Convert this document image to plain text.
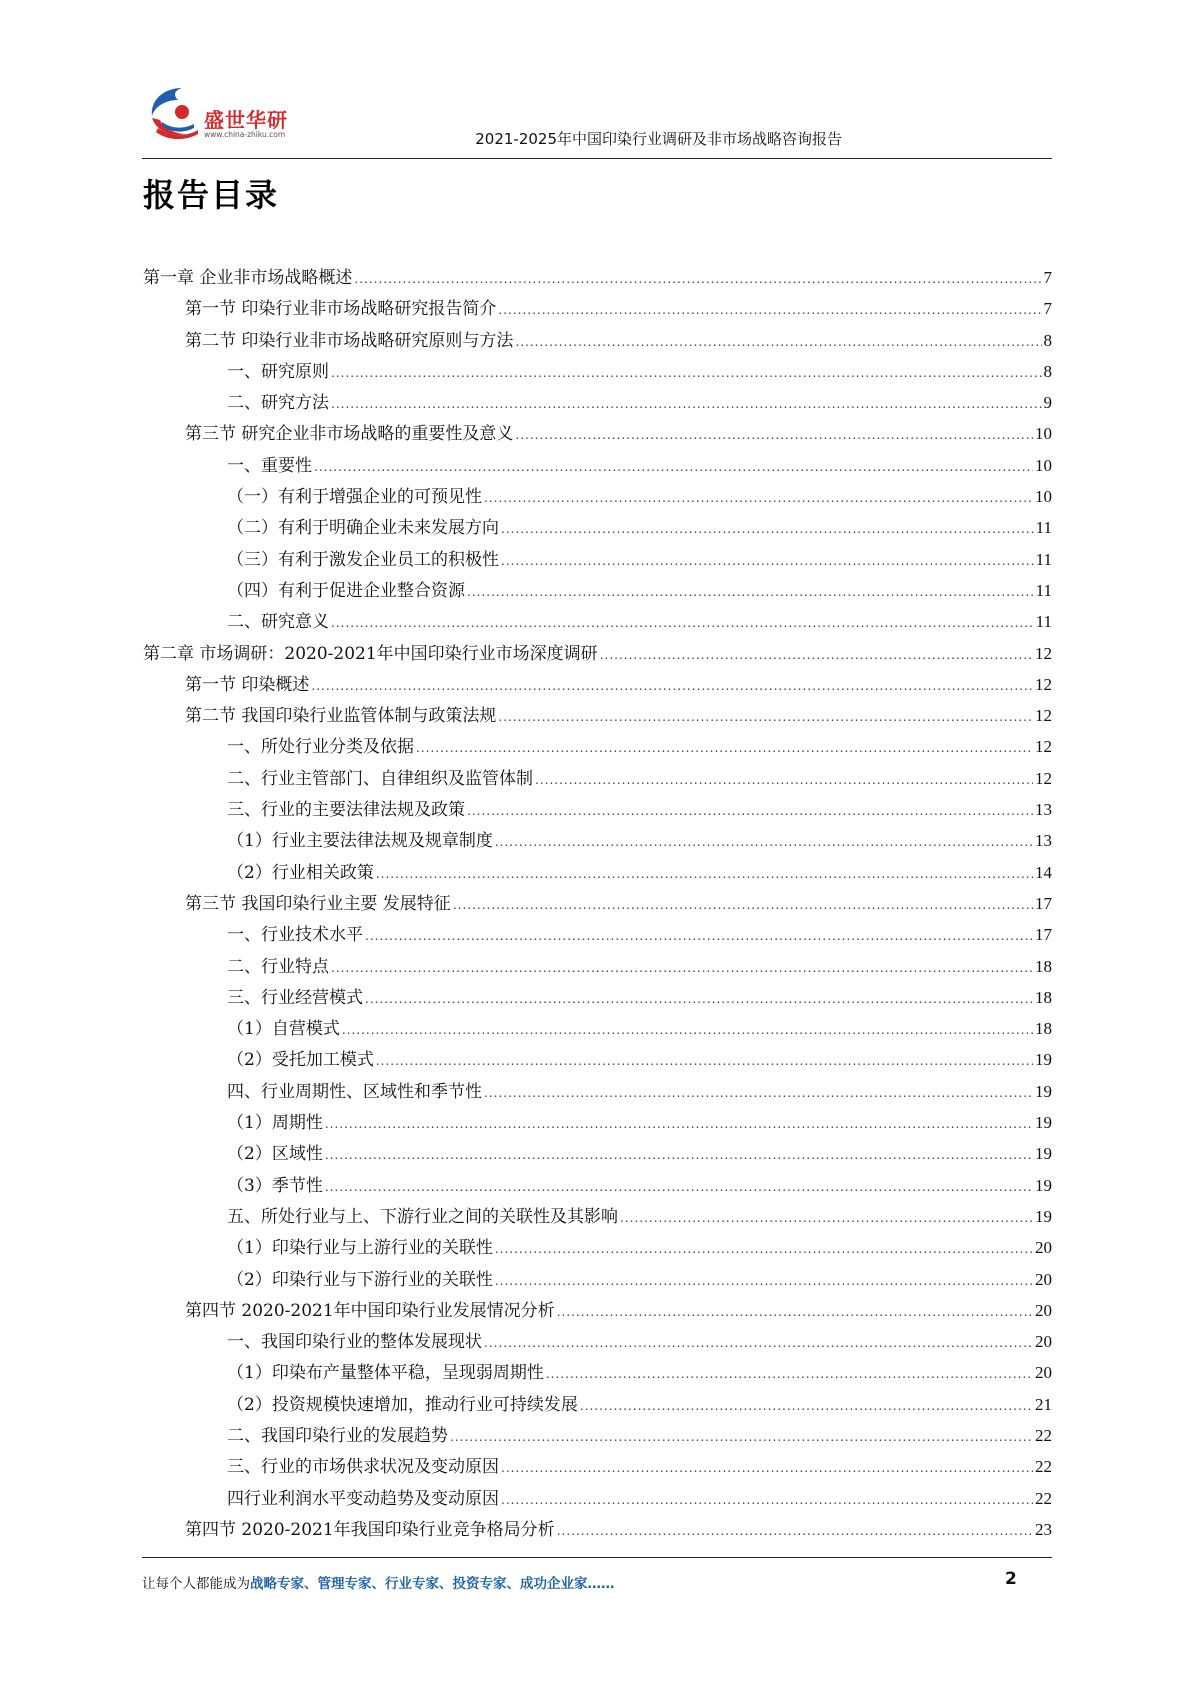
盛世华研
www.china-zhiku.com	2021-2025年中国印染行业调研及非市场战略咨询报告
报告目录
第一章 企业非市场战略概述 .....	7
第一节 印染行业非市场战略研究报告简介 .....	7
第二节 印染行业非市场战略研究原则与方法 .....	8
一、研究原则 .....	8
二、研究方法 .....	9
第三节 研究企业非市场战略的重要性及意义 .....	10
一、重要性 .....	10
（一）有利于增强企业的可预见性 .....	10
（二）有利于明确企业未来发展方向 .....	11
（三）有利于激发企业员工的积极性 .....	11
（四）有利于促进企业整合资源 .....	11
二、研究意义 .....	11
第二章 市场调研：2020-2021年中国印染行业市场深度调研 .....	12
第一节 印染概述 .....	12
第二节 我国印染行业监管体制与政策法规 .....	12
一、所处行业分类及依据 .....	12
二、行业主管部门、自律组织及监管体制 .....	12
三、行业的主要法律法规及政策 .....	13
（1）行业主要法律法规及规章制度 .....	13
（2）行业相关政策 .....	14
第三节 我国印染行业主要 发展特征 .....	17
一、行业技术水平 .....	17
二、行业特点 .....	18
三、行业经营模式 .....	18
（1）自营模式 .....	18
（2）受托加工模式 .....	19
四、行业周期性、区域性和季节性 .....	19
（1）周期性 .....	19
（2）区域性 .....	19
（3）季节性 .....	19
五、所处行业与上、下游行业之间的关联性及其影响 .....	19
（1）印染行业与上游行业的关联性 .....	20
（2）印染行业与下游行业的关联性 .....	20
第四节 2020-2021年中国印染行业发展情况分析 .....	20
一、我国印染行业的整体发展现状 .....	20
（1）印染布产量整体平稳，呈现弱周期性 .....	20
（2）投资规模快速增加，推动行业可持续发展 .....	21
二、我国印染行业的发展趋势 .....	22
三、行业的市场供求状况及变动原因 .....	22
四行业利润水平变动趋势及变动原因 .....	22
第四节 2020-2021年我国印染行业竞争格局分析 .....	23
让每个人都能成为战略专家、管理专家、行业专家、投资专家、成功企业家……	2
